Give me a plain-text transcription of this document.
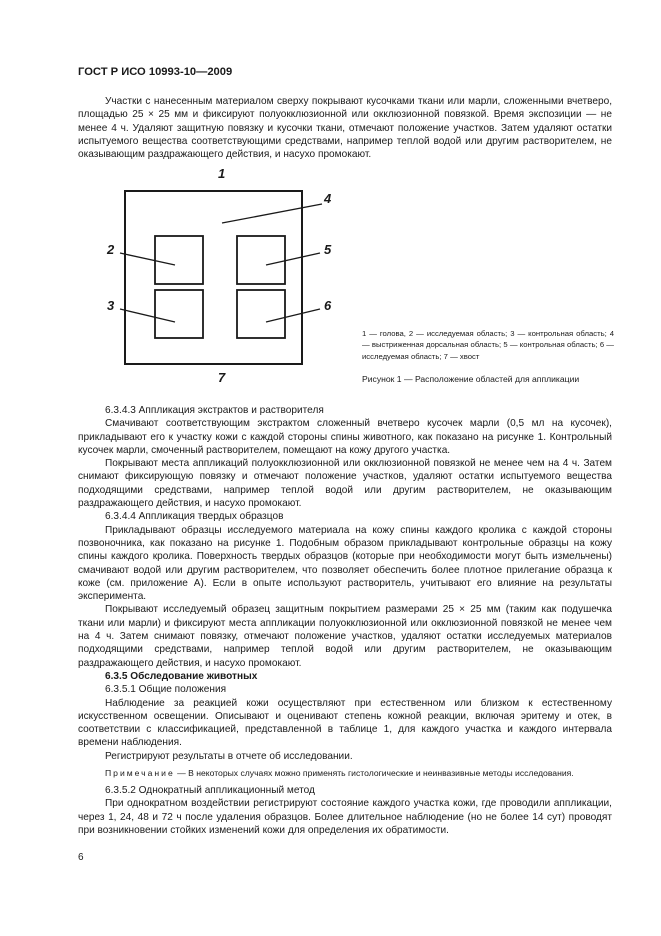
ГОСТ Р ИСО 10993-10—2009

Участки с нанесенным материалом сверху покрывают кусочками ткани или марли, сложенными вчетверо, площадью 25 × 25 мм и фиксируют полуокклюзионной или окклюзионной повязкой. Время экспозиции — не менее 4 ч. Удаляют защитную повязку и кусочки ткани, отмечают положение участков. Затем удаляют остатки испытуемого вещества соответствующими средствами, например теплой водой или другим растворителем, не оказывающим раздражающего действия, и насухо промокают.

1
2
3
4
5
6
7

1 — голова, 2 — исследуемая область; 3 — контрольная область; 4 — выстриженная дорсальная область; 5 — контрольная область; 6 — исследуемая область; 7 — хвост

Рисунок 1 — Расположение областей для аппликации

6.3.4.3 Аппликация экстрактов и растворителя

Смачивают соответствующим экстрактом сложенный вчетверо кусочек марли (0,5 мл на кусочек), прикладывают его к участку кожи с каждой стороны спины животного, как показано на рисунке 1. Контрольный кусочек марли, смоченный растворителем, помещают на кожу другого участка.

Покрывают места аппликаций полуокклюзионной или окклюзионной повязкой не менее чем на 4 ч. Затем снимают фиксирующую повязку и отмечают положение участков, удаляют остатки испытуемого вещества подходящими средствами, например теплой водой или другим растворителем, не оказывающим раздражающего действия, и насухо промокают.

6.3.4.4 Аппликация твердых образцов

Прикладывают образцы исследуемого материала на кожу спины каждого кролика с каждой стороны позвоночника, как показано на рисунке 1. Подобным образом прикладывают контрольные образцы на кожу спины каждого кролика. Поверхность твердых образцов (которые при необходимости могут быть измельчены) смачивают водой или другим растворителем, что позволяет обеспечить более плотное прилегание образца к коже (см. приложение А). Если в опыте используют растворитель, учитывают его влияние на результаты эксперимента.

Покрывают исследуемый образец защитным покрытием размерами 25 × 25 мм (таким как подушечка ткани или марли) и фиксируют места аппликации полуокклюзионной или окклюзионной повязкой не менее чем на 4 ч. Затем снимают повязку, отмечают положение участков, удаляют остатки исследуемых материалов подходящими средствами, например теплой водой или другим растворителем, не оказывающим раздражающего действия, и насухо промокают.

6.3.5 Обследование животных

6.3.5.1 Общие положения

Наблюдение за реакцией кожи осуществляют при естественном или близком к естественному искусственном освещении. Описывают и оценивают степень кожной реакции, включая эритему и отек, в соответствии с классификацией, представленной в таблице 1, для каждого участка и каждого интервала времени наблюдения.

Регистрируют результаты в отчете об исследовании.

Примечание — В некоторых случаях можно применять гистологические и неинвазивные методы исследования.

6.3.5.2 Однократный аппликационный метод

При однократном воздействии регистрируют состояние каждого участка кожи, где проводили аппликации, через 1, 24, 48 и 72 ч после удаления образцов. Более длительное наблюдение (но не более 14 сут) проводят при возникновении стойких изменений кожи для определения их обратимости.

6
